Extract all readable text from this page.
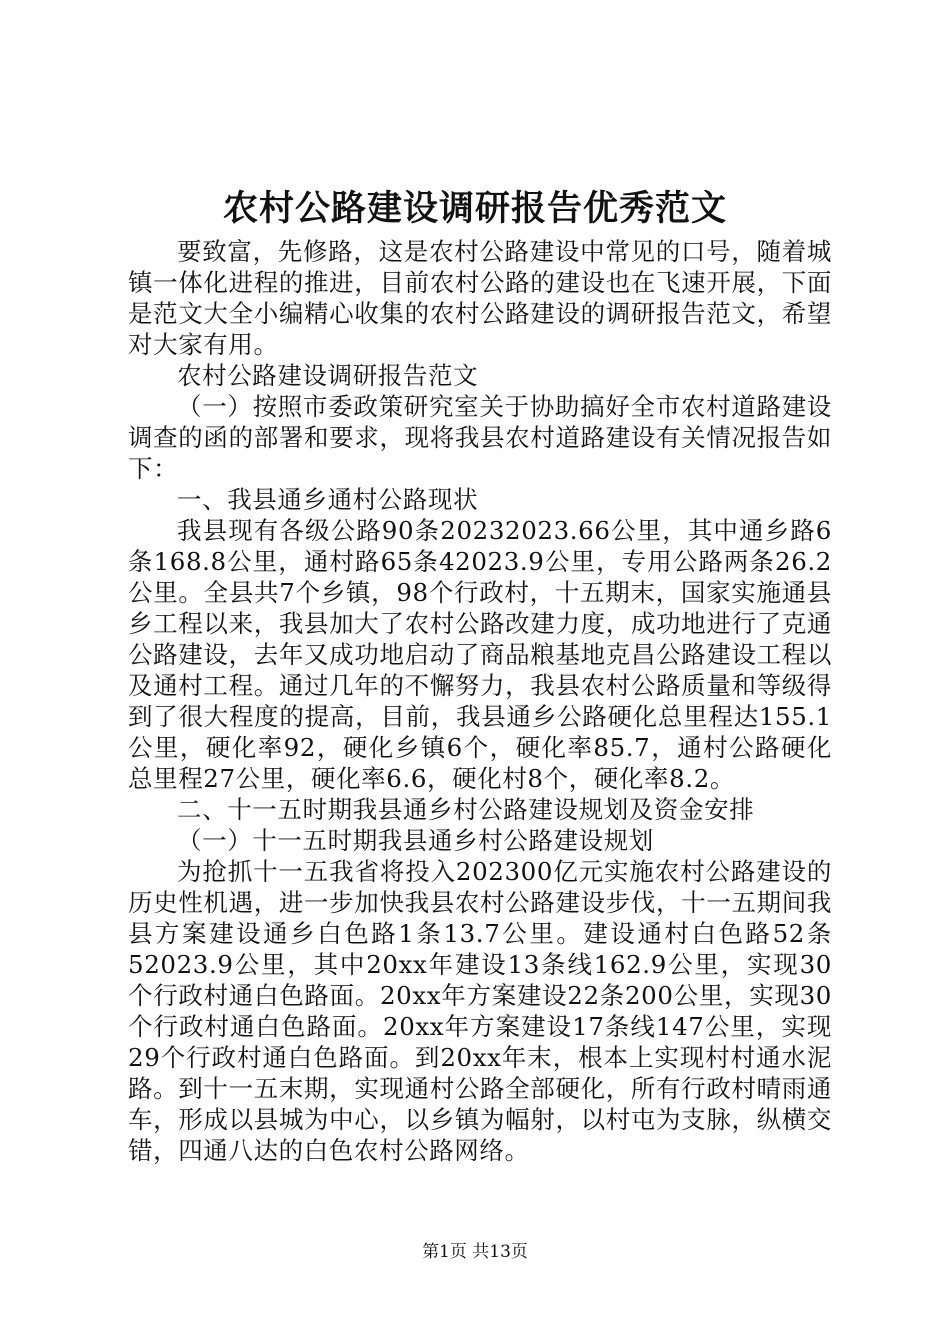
农村公路建设调研报告优秀范文

要致富，先修路，这是农村公路建设中常见的口号，随着城镇一体化进程的推进，目前农村公路的建设也在飞速开展，下面是范文大全小编精心收集的农村公路建设的调研报告范文，希望对大家有用。

农村公路建设调研报告范文

（一）按照市委政策研究室关于协助搞好全市农村道路建设调查的函的部署和要求，现将我县农村道路建设有关情况报告如下：

一、我县通乡通村公路现状

我县现有各级公路90条20232023.66公里，其中通乡路6条168.8公里，通村路65条42023.9公里，专用公路两条26.2公里。全县共7个乡镇，98个行政村，十五期末，国家实施通县乡工程以来，我县加大了农村公路改建力度，成功地进行了克通公路建设，去年又成功地启动了商品粮基地克昌公路建设工程以及通村工程。通过几年的不懈努力，我县农村公路质量和等级得到了很大程度的提高，目前，我县通乡公路硬化总里程达155.1公里，硬化率92，硬化乡镇6个，硬化率85.7，通村公路硬化总里程27公里，硬化率6.6，硬化村8个，硬化率8.2。

二、十一五时期我县通乡村公路建设规划及资金安排

（一）十一五时期我县通乡村公路建设规划

为抢抓十一五我省将投入202300亿元实施农村公路建设的历史性机遇，进一步加快我县农村公路建设步伐，十一五期间我县方案建设通乡白色路1条13.7公里。建设通村白色路52条52023.9公里，其中20xx年建设13条线162.9公里，实现30个行政村通白色路面。20xx年方案建设22条200公里，实现30个行政村通白色路面。20xx年方案建设17条线147公里，实现29个行政村通白色路面。到20xx年末，根本上实现村村通水泥路。到十一五末期，实现通村公路全部硬化，所有行政村晴雨通车，形成以县城为中心，以乡镇为幅射，以村屯为支脉，纵横交错，四通八达的白色农村公路网络。

第1页 共13页
